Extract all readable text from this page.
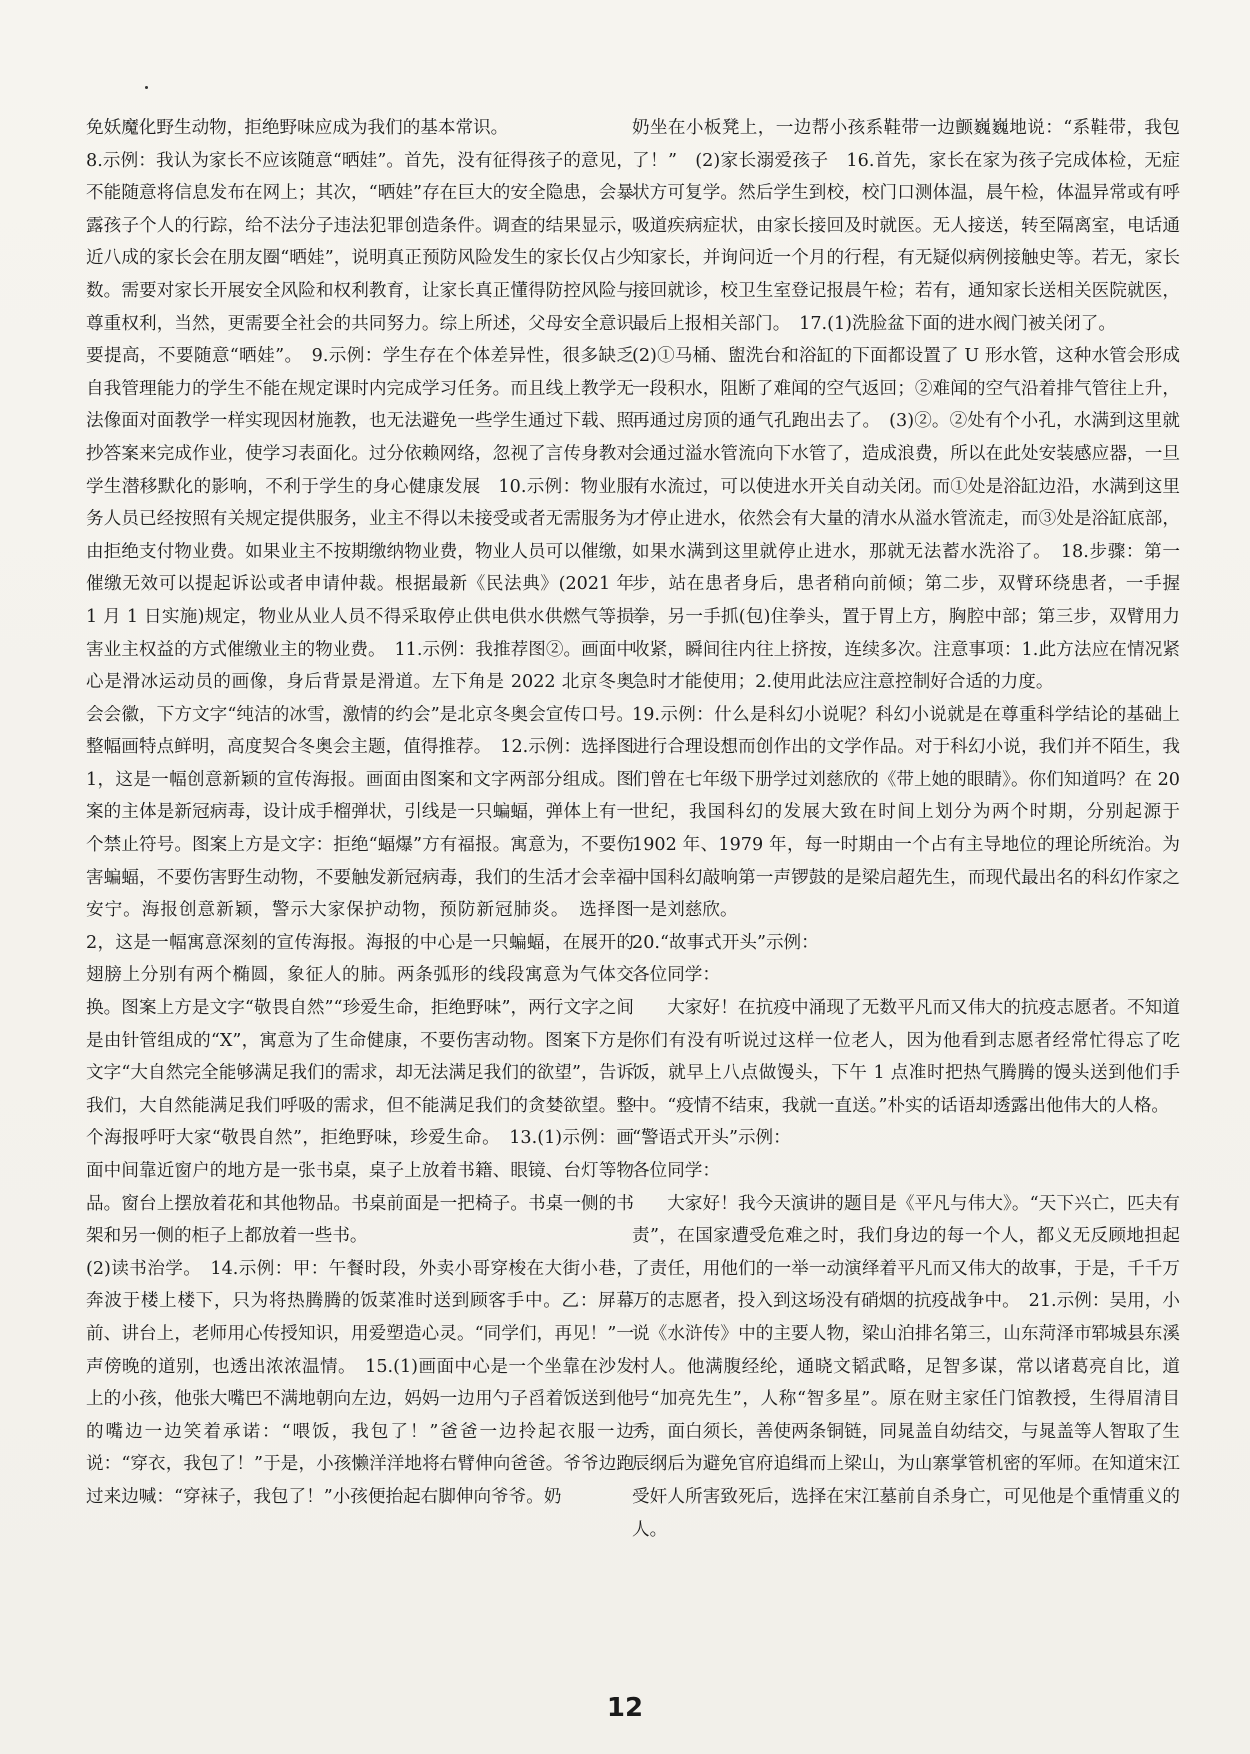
免妖魔化野生动物，拒绝野味应成为我们的基本常识。

8.示例：我认为家长不应该随意“晒娃”。首先，没有征得孩子的意见，不能随意将信息发布在网上；其次，“晒娃”存在巨大的安全隐患，会暴露孩子个人的行踪，给不法分子违法犯罪创造条件。调查的结果显示，近八成的家长会在朋友圈“晒娃”，说明真正预防风险发生的家长仅占少数。需要对家长开展安全风险和权利教育，让家长真正懂得防控风险与尊重权利，当然，更需要全社会的共同努力。综上所述，父母安全意识要提高，不要随意“晒娃”。　9.示例：学生存在个体差异性，很多缺乏自我管理能力的学生不能在规定课时内完成学习任务。而且线上教学无法像面对面教学一样实现因材施教，也无法避免一些学生通过下载、照抄答案来完成作业，使学习表面化。过分依赖网络，忽视了言传身教对学生潜移默化的影响，不利于学生的身心健康发展　10.示例：物业服务人员已经按照有关规定提供服务，业主不得以未接受或者无需服务为由拒绝支付物业费。如果业主不按期缴纳物业费，物业人员可以催缴，催缴无效可以提起诉讼或者申请仲裁。根据最新《民法典》(2021 年 1 月 1 日实施)规定，物业从业人员不得采取停止供电供水供燃气等损害业主权益的方式催缴业主的物业费。　11.示例：我推荐图②。画面中心是滑冰运动员的画像，身后背景是滑道。左下角是 2022 北京冬奥会会徽，下方文字“纯洁的冰雪，激情的约会”是北京冬奥会宣传口号。整幅画特点鲜明，高度契合冬奥会主题，值得推荐。　12.示例：选择图 1，这是一幅创意新颖的宣传海报。画面由图案和文字两部分组成。图案的主体是新冠病毒，设计成手榴弹状，引线是一只蝙蝠，弹体上有一个禁止符号。图案上方是文字：拒绝“蝠爆”方有福报。寓意为，不要伤害蝙蝠，不要伤害野生动物，不要触发新冠病毒，我们的生活才会幸福安宁。海报创意新颖，警示大家保护动物，预防新冠肺炎。　选择图 2，这是一幅寓意深刻的宣传海报。海报的中心是一只蝙蝠，在展开的翅膀上分别有两个椭圆，象征人的肺。两条弧形的线段寓意为气体交换。图案上方是文字“敬畏自然”“珍爱生命，拒绝野味”，两行文字之间是由针管组成的“X”，寓意为了生命健康，不要伤害动物。图案下方是文字“大自然完全能够满足我们的需求，却无法满足我们的欲望”，告诉我们，大自然能满足我们呼吸的需求，但不能满足我们的贪婪欲望。整个海报呼吁大家“敬畏自然”，拒绝野味，珍爱生命。　13.(1)示例：画面中间靠近窗户的地方是一张书桌，桌子上放着书籍、眼镜、台灯等物品。窗台上摆放着花和其他物品。书桌前面是一把椅子。书桌一侧的书架和另一侧的柜子上都放着一些书。

(2)读书治学。　14.示例：甲：午餐时段，外卖小哥穿梭在大街小巷，奔波于楼上楼下，只为将热腾腾的饭菜准时送到顾客手中。乙：屏幕前、讲台上，老师用心传授知识，用爱塑造心灵。“同学们，再见！”一声傍晚的道别，也透出浓浓温情。　15.(1)画面中心是一个坐靠在沙发上的小孩，他张大嘴巴不满地朝向左边，妈妈一边用勺子舀着饭送到他的嘴边一边笑着承诺：“喂饭，我包了！”爸爸一边拎起衣服一边说：“穿衣，我包了！”于是，小孩懒洋洋地将右臂伸向爸爸。爷爷边跑过来边喊：“穿袜子，我包了！”小孩便抬起右脚伸向爷爷。奶

奶坐在小板凳上，一边帮小孩系鞋带一边颤巍巍地说：“系鞋带，我包了！”　(2)家长溺爱孩子　16.首先，家长在家为孩子完成体检，无症状方可复学。然后学生到校，校门口测体温，晨午检，体温异常或有呼吸道疾病症状，由家长接回及时就医。无人接送，转至隔离室，电话通知家长，并询问近一个月的行程，有无疑似病例接触史等。若无，家长接回就诊，校卫生室登记报晨午检；若有，通知家长送相关医院就医，最后上报相关部门。　17.(1)洗脸盆下面的进水阀门被关闭了。

(2)①马桶、盥洗台和浴缸的下面都设置了 U 形水管，这种水管会形成一段积水，阻断了难闻的空气返回；②难闻的空气沿着排气管往上升，再通过房顶的通气孔跑出去了。　(3)②。②处有个小孔，水满到这里就会通过溢水管流向下水管了，造成浪费，所以在此处安装感应器，一旦有水流过，可以使进水开关自动关闭。而①处是浴缸边沿，水满到这里才停止进水，依然会有大量的清水从溢水管流走，而③处是浴缸底部，如果水满到这里就停止进水，那就无法蓄水洗浴了。　18.步骤：第一步，站在患者身后，患者稍向前倾；第二步，双臂环绕患者，一手握拳，另一手抓(包)住拳头，置于胃上方，胸腔中部；第三步，双臂用力收紧，瞬间往内往上挤按，连续多次。注意事项：1.此方法应在情况紧急时才能使用；2.使用此法应注意控制好合适的力度。

19.示例：什么是科幻小说呢？科幻小说就是在尊重科学结论的基础上进行合理设想而创作出的文学作品。对于科幻小说，我们并不陌生，我们曾在七年级下册学过刘慈欣的《带上她的眼睛》。你们知道吗？在 20 世纪，我国科幻的发展大致在时间上划分为两个时期，分别起源于 1902 年、1979 年，每一时期由一个占有主导地位的理论所统治。为中国科幻敲响第一声锣鼓的是梁启超先生，而现代最出名的科幻作家之一是刘慈欣。

20.“故事式开头”示例：

各位同学：

大家好！在抗疫中涌现了无数平凡而又伟大的抗疫志愿者。不知道你们有没有听说过这样一位老人，因为他看到志愿者经常忙得忘了吃饭，就早上八点做馒头，下午 1 点准时把热气腾腾的馒头送到他们手中。“疫情不结束，我就一直送。”朴实的话语却透露出他伟大的人格。

“警语式开头”示例：

各位同学：

大家好！我今天演讲的题目是《平凡与伟大》。“天下兴亡，匹夫有责”，在国家遭受危难之时，我们身边的每一个人，都义无反顾地担起了责任，用他们的一举一动演绎着平凡而又伟大的故事，于是，千千万万的志愿者，投入到这场没有硝烟的抗疫战争中。　21.示例：吴用，小说《水浒传》中的主要人物，梁山泊排名第三，山东菏泽市郓城县东溪村人。他满腹经纶，通晓文韬武略，足智多谋，常以诸葛亮自比，道号“加亮先生”，人称“智多星”。原在财主家任门馆教授，生得眉清目秀，面白须长，善使两条铜链，同晁盖自幼结交，与晁盖等人智取了生辰纲后为避免官府追缉而上梁山，为山寨掌管机密的军师。在知道宋江受奸人所害致死后，选择在宋江墓前自杀身亡，可见他是个重情重义的人。

12
